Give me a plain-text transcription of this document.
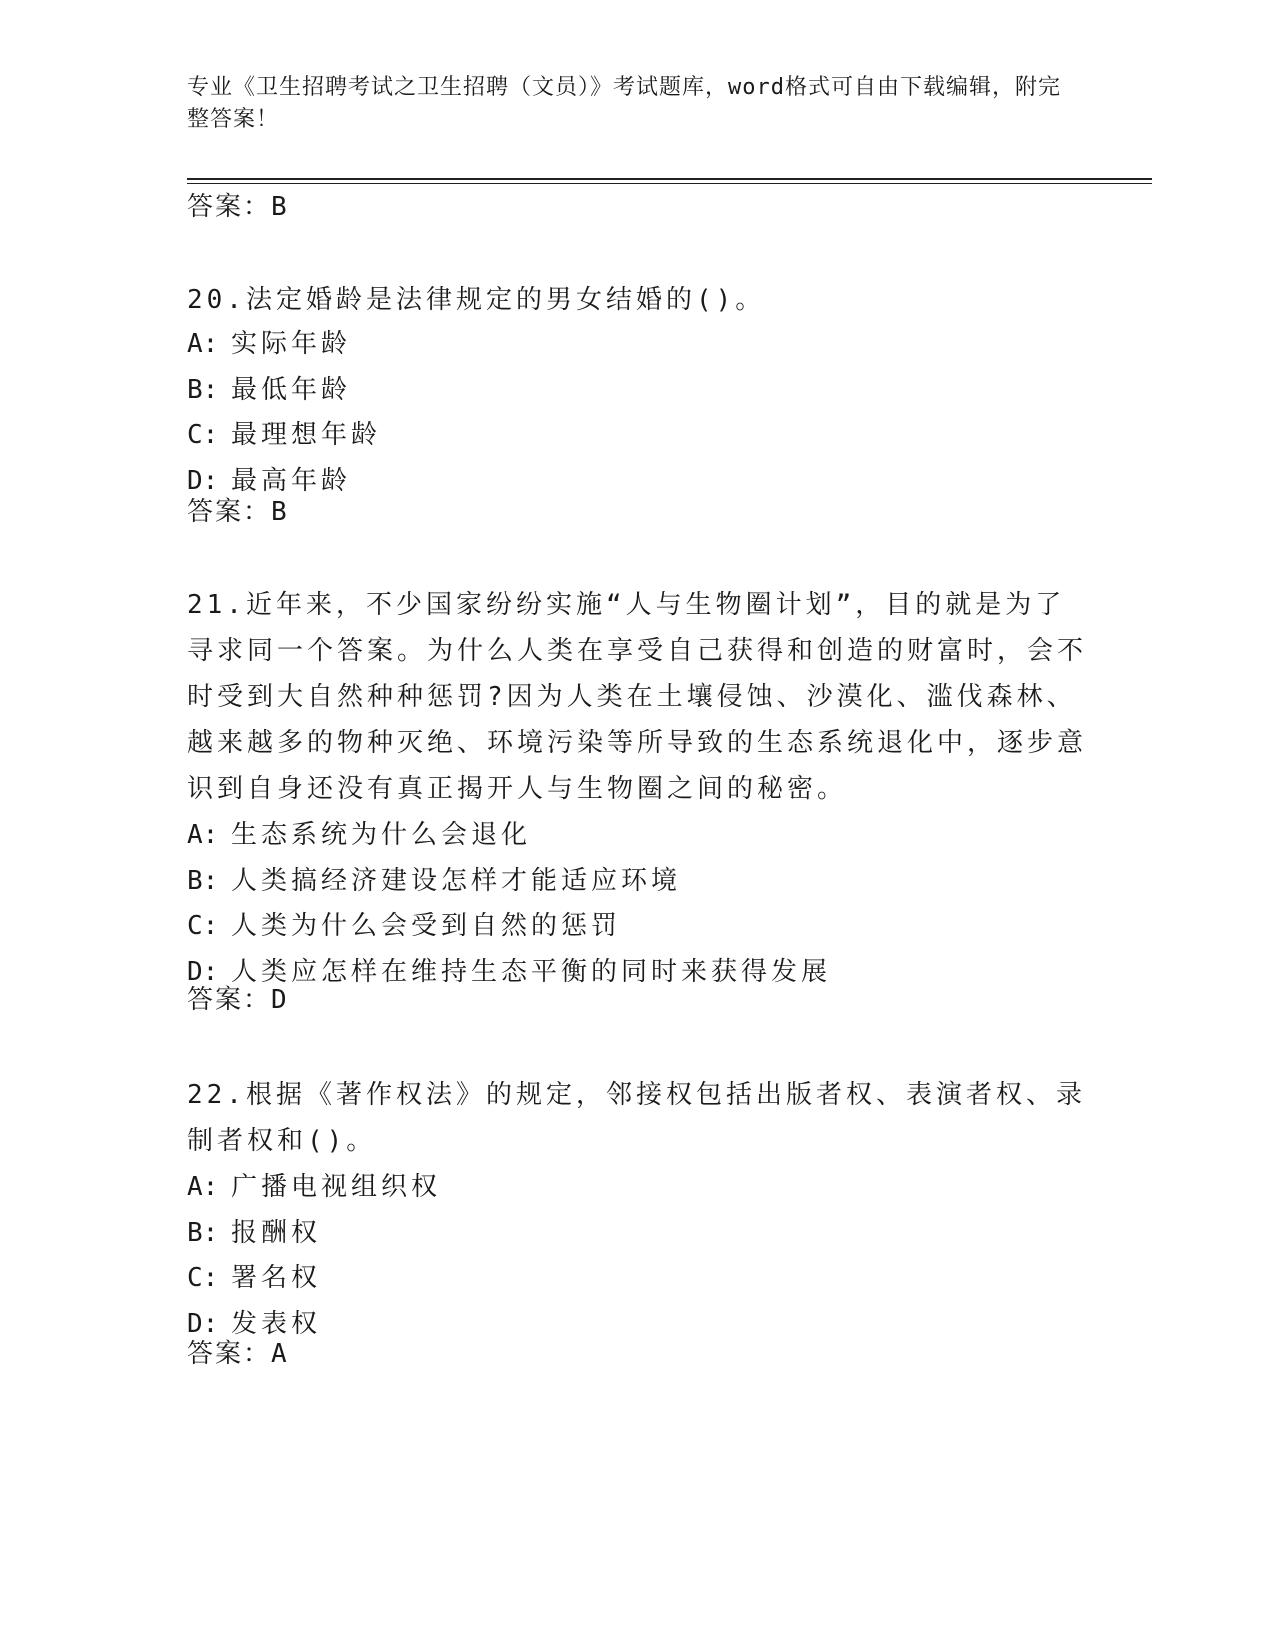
专业《卫生招聘考试之卫生招聘（文员）》考试题库，word格式可自由下载编辑，附完整答案！
答案：B
20.法定婚龄是法律规定的男女结婚的()。
A: 实际年龄
B: 最低年龄
C: 最理想年龄
D: 最高年龄
答案：B
21.近年来，不少国家纷纷实施“人与生物圈计划”，目的就是为了寻求同一个答案。为什么人类在享受自己获得和创造的财富时，会不时受到大自然种种惩罚?因为人类在土壤侵蚀、沙漠化、滥伐森林、越来越多的物种灭绝、环境污染等所导致的生态系统退化中，逐步意识到自身还没有真正揭开人与生物圈之间的秘密。
A: 生态系统为什么会退化
B: 人类搞经济建设怎样才能适应环境
C: 人类为什么会受到自然的惩罚
D: 人类应怎样在维持生态平衡的同时来获得发展
答案：D
22.根据《著作权法》的规定，邻接权包括出版者权、表演者权、录制者权和()。
A: 广播电视组织权
B: 报酬权
C: 署名权
D: 发表权
答案：A
